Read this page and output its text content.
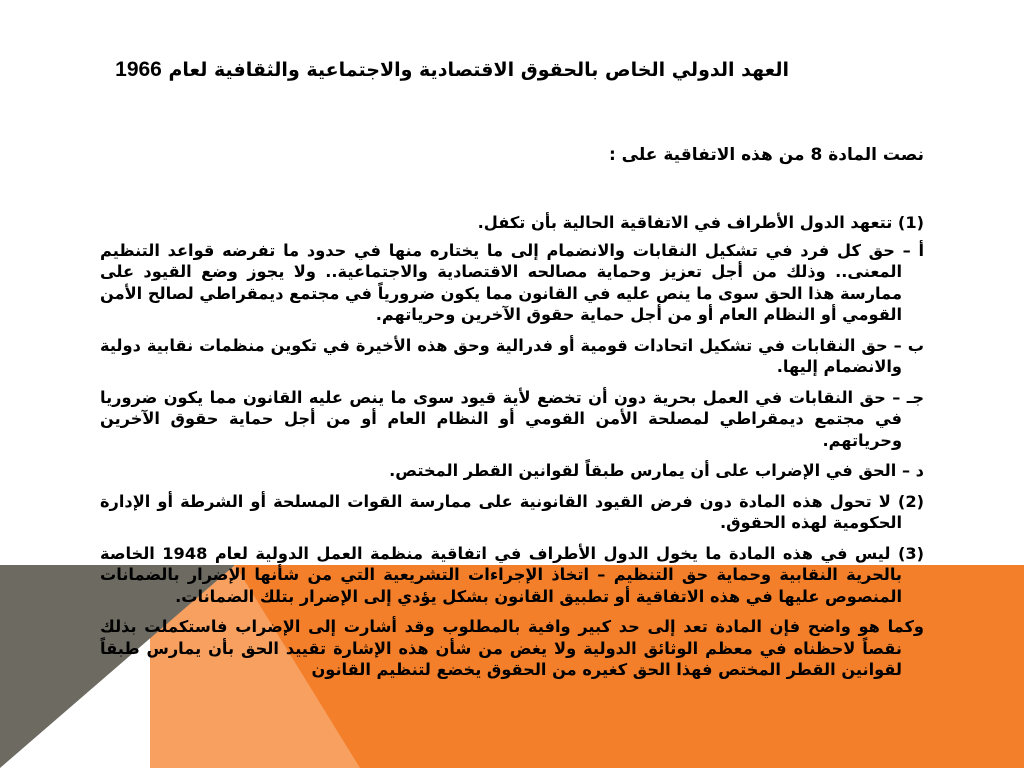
العهد الدولي الخاص بالحقوق الاقتصادية والاجتماعية والثقافية لعام 1966
نصت المادة 8 من هذه الاتفاقية على :

(1) تتعهد الدول الأطراف في الاتفاقية الحالية بأن تكفل.

أ – حق كل فرد في تشكيل النقابات والانضمام إلى ما يختاره منها في حدود ما تفرضه قواعد التنظيم المعنى.. وذلك من أجل تعزيز وحماية مصالحه الاقتصادية والاجتماعية.. ولا يجوز وضع القيود على ممارسة هذا الحق سوى ما ينص عليه في القانون مما يكون ضرورياً في مجتمع ديمقراطي لصالح الأمن القومي أو النظام العام أو من أجل حماية حقوق الآخرين وحرياتهم.

ب – حق النقابات في تشكيل اتحادات قومية أو فدرالية وحق هذه الأخيرة في تكوين منظمات نقابية دولية والانضمام إليها.

جـ – حق النقابات في العمل بحرية دون أن تخضع لأية قيود سوى ما ينص عليه القانون مما يكون ضروريا في مجتمع ديمقراطي لمصلحة الأمن القومي أو النظام العام أو من أجل حماية حقوق الآخرين وحرياتهم.

د – الحق في الإضراب على أن يمارس طبقاً لقوانين القطر المختص.

(2) لا تحول هذه المادة دون فرض القيود القانونية على ممارسة القوات المسلحة أو الشرطة أو الإدارة الحكومية لهذه الحقوق.

(3) ليس في هذه المادة ما يخول الدول الأطراف في اتفاقية منظمة العمل الدولية لعام 1948 الخاصة بالحرية النقابية وحماية حق التنظيم – اتخاذ الإجراءات التشريعية التي من شأنها الإضرار بالضمانات المنصوص عليها في هذه الاتفاقية أو تطبيق القانون بشكل يؤدي إلى الإضرار بتلك الضمانات.

وكما هو واضح فإن المادة تعد إلى حد كبير وافية بالمطلوب وقد أشارت إلى الإضراب فاستكملت بذلك نقصاً لاحظناه في معظم الوثائق الدولية ولا يغض من شأن هذه الإشارة تقييد الحق بأن يمارس طبقاً لقوانين القطر المختص فهذا الحق كغيره من الحقوق يخضع لتنظيم القانون
